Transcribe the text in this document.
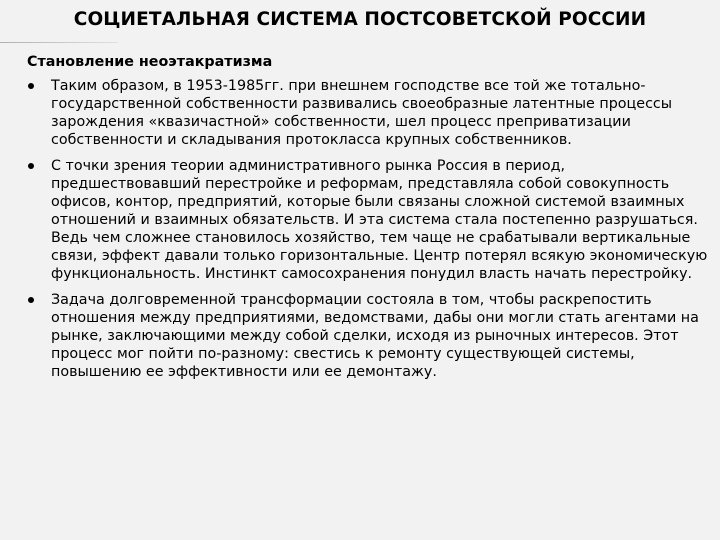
СОЦИЕТАЛЬНАЯ СИСТЕМА ПОСТСОВЕТСКОЙ РОССИИ

Становление неоэтакратизма

Таким образом, в 1953-1985гг. при внешнем господстве все той же тотально-государственной собственности развивались своеобразные латентные процессы зарождения «квазичастной» собственности, шел процесс преприватизации собственности и складывания протокласса крупных собственников.
С точки зрения теории административного рынка Россия в период, предшествовавший перестройке и реформам, представляла собой совокупность офисов, контор, предприятий, которые были связаны сложной системой взаимных отношений и взаимных обязательств. И эта система стала постепенно разрушаться. Ведь чем сложнее становилось хозяйство, тем чаще не срабатывали вертикальные связи, эффект давали только горизонтальные. Центр потерял всякую экономическую функциональность. Инстинкт самосохранения понудил власть начать перестройку.
Задача долговременной трансформации состояла в том, чтобы раскрепостить отношения между предприятиями, ведомствами, дабы они могли стать агентами на рынке, заключающими между собой сделки, исходя из рыночных интересов. Этот процесс мог пойти по-разному: свестись к ремонту существующей системы, повышению ее эффективности или ее демонтажу.
